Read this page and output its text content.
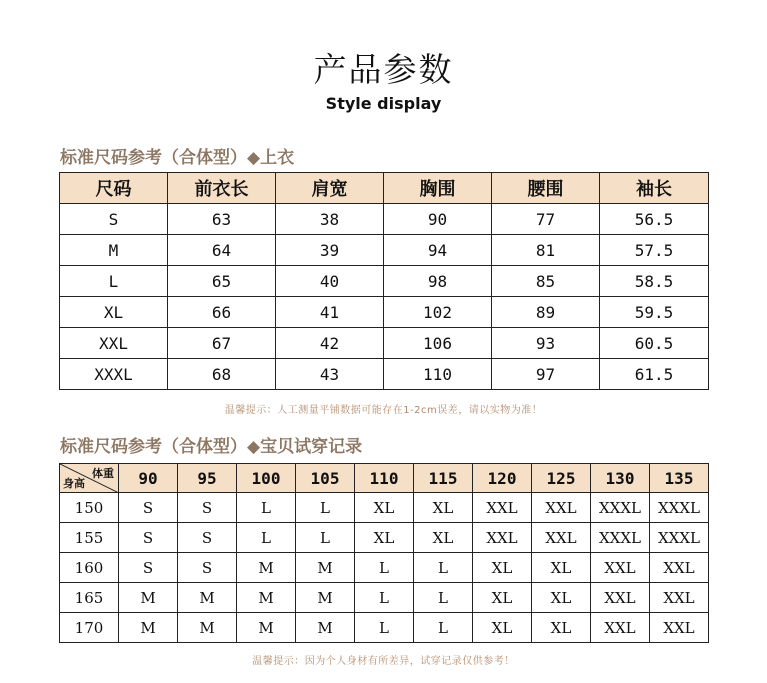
产品参数
Style display
标准尺码参考（合体型）◆上衣
尺码	前衣长	肩宽	胸围	腰围	袖长
S	63	38	90	77	56.5
M	64	39	94	81	57.5
L	65	40	98	85	58.5
XL	66	41	102	89	59.5
XXL	67	42	106	93	60.5
XXXL	68	43	110	97	61.5
温馨提示：人工测量平铺数据可能存在1-2cm误差，请以实物为准！
标准尺码参考（合体型）◆宝贝试穿记录
体重
身高	90	95	100	105	110	115	120	125	130	135
150	S	S	L	L	XL	XL	XXL	XXL	XXXL	XXXL
155	S	S	L	L	XL	XL	XXL	XXL	XXXL	XXXL
160	S	S	M	M	L	L	XL	XL	XXL	XXL
165	M	M	M	M	L	L	XL	XL	XXL	XXL
170	M	M	M	M	L	L	XL	XL	XXL	XXL
温馨提示：因为个人身材有所差异，试穿记录仅供参考！
